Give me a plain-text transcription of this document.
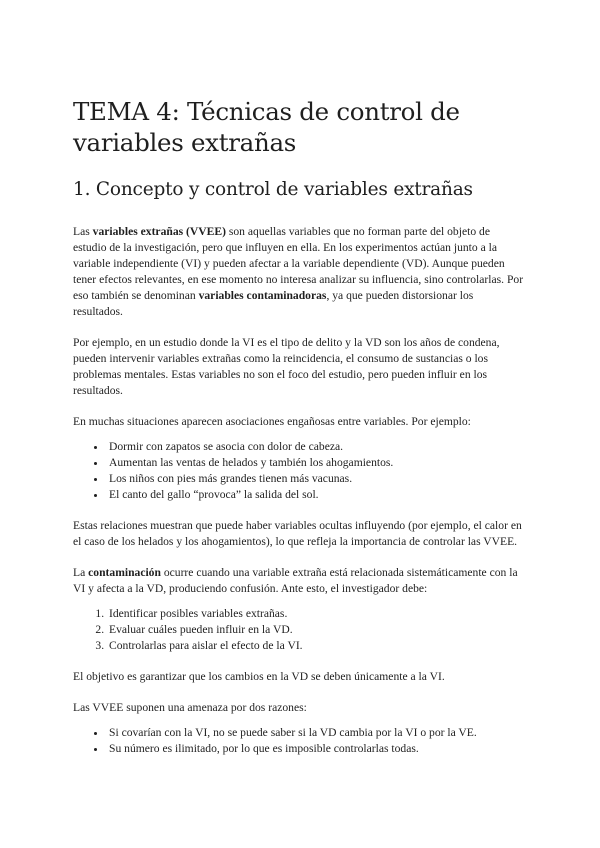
TEMA 4: Técnicas de control de variables extrañas
1. Concepto y control de variables extrañas

Las variables extrañas (VVEE) son aquellas variables que no forman parte del objeto de estudio de la investigación, pero que influyen en ella. En los experimentos actúan junto a la variable independiente (VI) y pueden afectar a la variable dependiente (VD). Aunque pueden tener efectos relevantes, en ese momento no interesa analizar su influencia, sino controlarlas. Por eso también se denominan variables contaminadoras, ya que pueden distorsionar los resultados.

Por ejemplo, en un estudio donde la VI es el tipo de delito y la VD son los años de condena, pueden intervenir variables extrañas como la reincidencia, el consumo de sustancias o los problemas mentales. Estas variables no son el foco del estudio, pero pueden influir en los resultados.

En muchas situaciones aparecen asociaciones engañosas entre variables. Por ejemplo:

• Dormir con zapatos se asocia con dolor de cabeza.
• Aumentan las ventas de helados y también los ahogamientos.
• Los niños con pies más grandes tienen más vacunas.
• El canto del gallo “provoca” la salida del sol.

Estas relaciones muestran que puede haber variables ocultas influyendo (por ejemplo, el calor en el caso de los helados y los ahogamientos), lo que refleja la importancia de controlar las VVEE.

La contaminación ocurre cuando una variable extraña está relacionada sistemáticamente con la VI y afecta a la VD, produciendo confusión. Ante esto, el investigador debe:

1. Identificar posibles variables extrañas.
2. Evaluar cuáles pueden influir en la VD.
3. Controlarlas para aislar el efecto de la VI.

El objetivo es garantizar que los cambios en la VD se deben únicamente a la VI.

Las VVEE suponen una amenaza por dos razones:

• Si covarían con la VI, no se puede saber si la VD cambia por la VI o por la VE.
• Su número es ilimitado, por lo que es imposible controlarlas todas.
